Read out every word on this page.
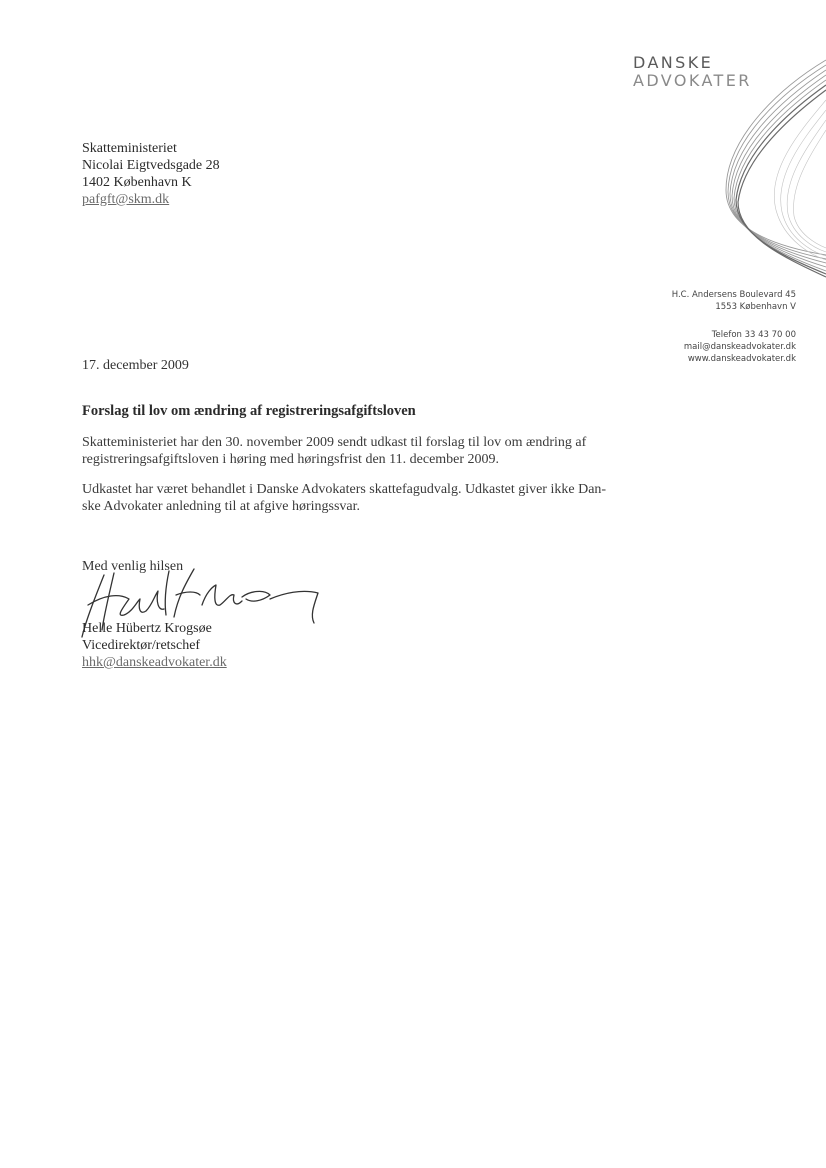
DANSKE
ADVOKATER
Skatteministeriet
Nicolai Eigtvedsgade 28
1402 København K
pafgft@skm.dk
H.C. Andersens Boulevard 45
1553 København V
Telefon 33 43 70 00
mail@danskeadvokater.dk
www.danskeadvokater.dk
17. december 2009
Forslag til lov om ændring af registreringsafgiftsloven
Skatteministeriet har den 30. november 2009 sendt udkast til forslag til lov om ændring af
registreringsafgiftsloven i høring med høringsfrist den 11. december 2009.
Udkastet har været behandlet i Danske Advokaters skattefagudvalg. Udkastet giver ikke Dan-
ske Advokater anledning til at afgive høringssvar.
Med venlig hilsen
Helle Hübertz Krogsøe
Vicedirektør/retschef
hhk@danskeadvokater.dk
